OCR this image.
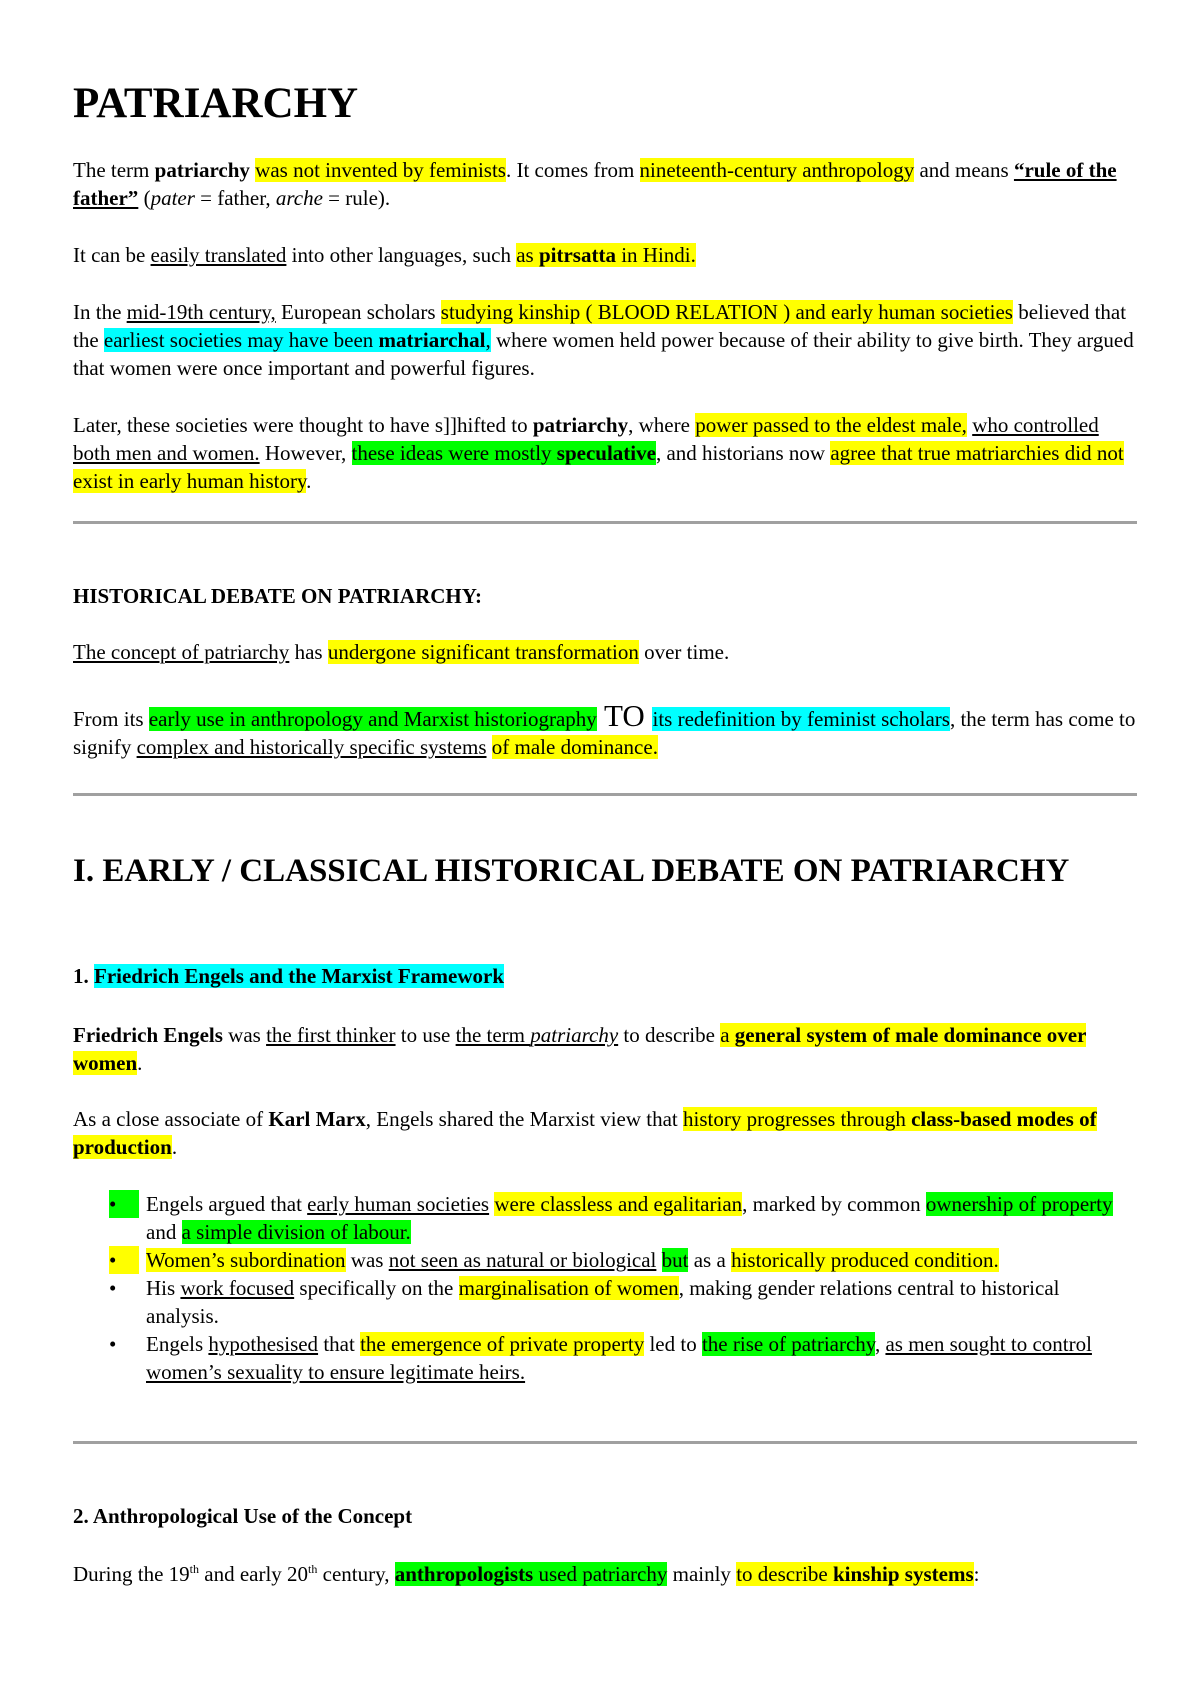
PATRIARCHY

The term patriarchy was not invented by feminists. It comes from nineteenth-century anthropology and means “rule of the father” (pater = father, arche = rule).

It can be easily translated into other languages, such as pitrsatta in Hindi.

In the mid-19th century, European scholars studying kinship ( BLOOD RELATION ) and early human societies believed that the earliest societies may have been matriarchal, where women held power because of their ability to give birth. They argued that women were once important and powerful figures.

Later, these societies were thought to have s]]hifted to patriarchy, where power passed to the eldest male, who controlled both men and women. However, these ideas were mostly speculative, and historians now agree that true matriarchies did not exist in early human history.

HISTORICAL DEBATE ON PATRIARCHY:

The concept of patriarchy has undergone significant transformation over time.

From its early use in anthropology and Marxist historiography TO its redefinition by feminist scholars, the term has come to signify complex and historically specific systems of male dominance.

I. EARLY / CLASSICAL HISTORICAL DEBATE ON PATRIARCHY
1. Friedrich Engels and the Marxist Framework

Friedrich Engels was the first thinker to use the term patriarchy to describe a general system of male dominance over women.

As a close associate of Karl Marx, Engels shared the Marxist view that history progresses through class-based modes of production.

•	Engels argued that early human societies were classless and egalitarian, marked by common ownership of property and a simple division of labour.
•	Women’s subordination was not seen as natural or biological but as a historically produced condition.
•	His work focused specifically on the marginalisation of women, making gender relations central to historical analysis.
•	Engels hypothesised that the emergence of private property led to the rise of patriarchy, as men sought to control women’s sexuality to ensure legitimate heirs.
2. Anthropological Use of the Concept

During the 19th and early 20th century, anthropologists used patriarchy mainly to describe kinship systems:
